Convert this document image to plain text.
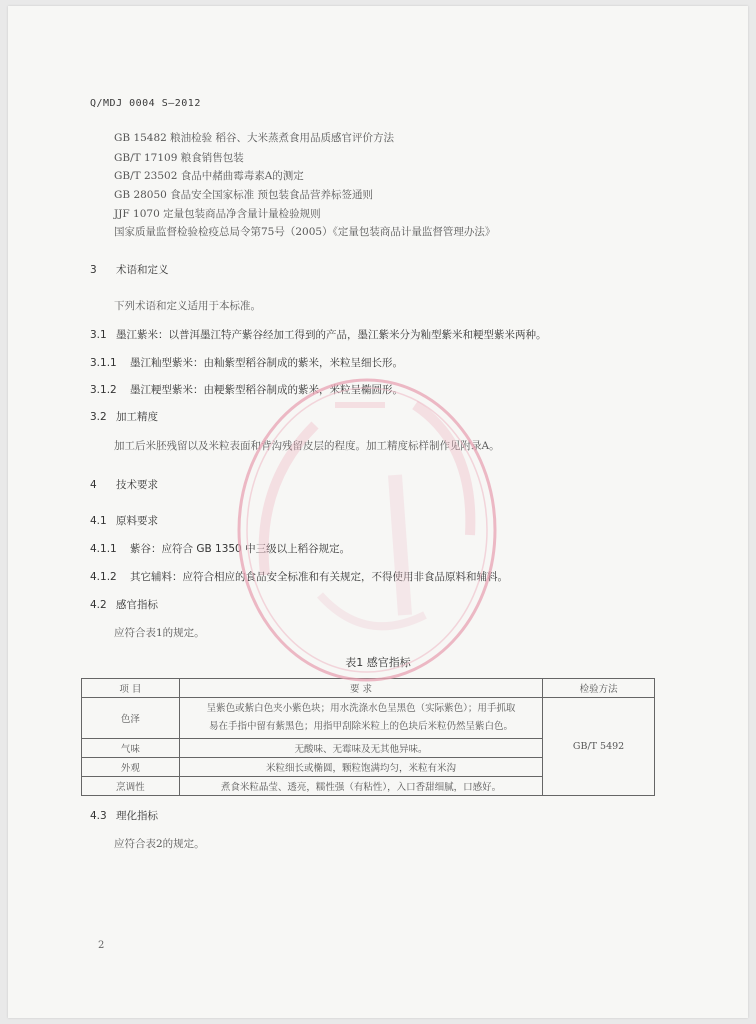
Q/MDJ 0004 S—2012
GB 15482 粮油检验 稻谷、大米蒸煮食用品质感官评价方法
GB/T 17109 粮食销售包装
GB/T 23502 食品中赭曲霉毒素A的测定
GB 28050 食品安全国家标准 预包装食品营养标签通则
JJF 1070 定量包装商品净含量计量检验规则
国家质量监督检验检疫总局令第75号（2005）《定量包装商品计量监督管理办法》
3 术语和定义
下列术语和定义适用于本标准。
3.1 墨江紫米：以普洱墨江特产紫谷经加工得到的产品，墨江紫米分为籼型紫米和粳型紫米两种。
3.1.1 墨江籼型紫米：由籼紫型稻谷制成的紫米，米粒呈细长形。
3.1.2 墨江粳型紫米：由粳紫型稻谷制成的紫米，米粒呈椭圆形。
3.2 加工精度
加工后米胚残留以及米粒表面和背沟残留皮层的程度。加工精度标样制作见附录A。
4 技术要求
4.1 原料要求
4.1.1 紫谷：应符合 GB 1350 中三级以上稻谷规定。
4.1.2 其它辅料：应符合相应的食品安全标准和有关规定，不得使用非食品原料和辅料。
4.2 感官指标
应符合表1的规定。
表1 感官指标
项 目	要 求	检验方法
色泽	呈紫色或紫白色夹小紫色块；用水洗涤水色呈黑色（实际紫色）；用手抓取
易在手指中留有紫黑色；用指甲刮除米粒上的色块后米粒仍然呈紫白色。	GB/T 5492
气味	无酸味、无霉味及无其他异味。	
外观	米粒细长或椭圆，颗粒饱满均匀，米粒有米沟	
烹调性	煮食米粒晶莹、透亮，糯性强（有粘性），入口香甜细腻，口感好。	
4.3 理化指标
应符合表2的规定。
2
